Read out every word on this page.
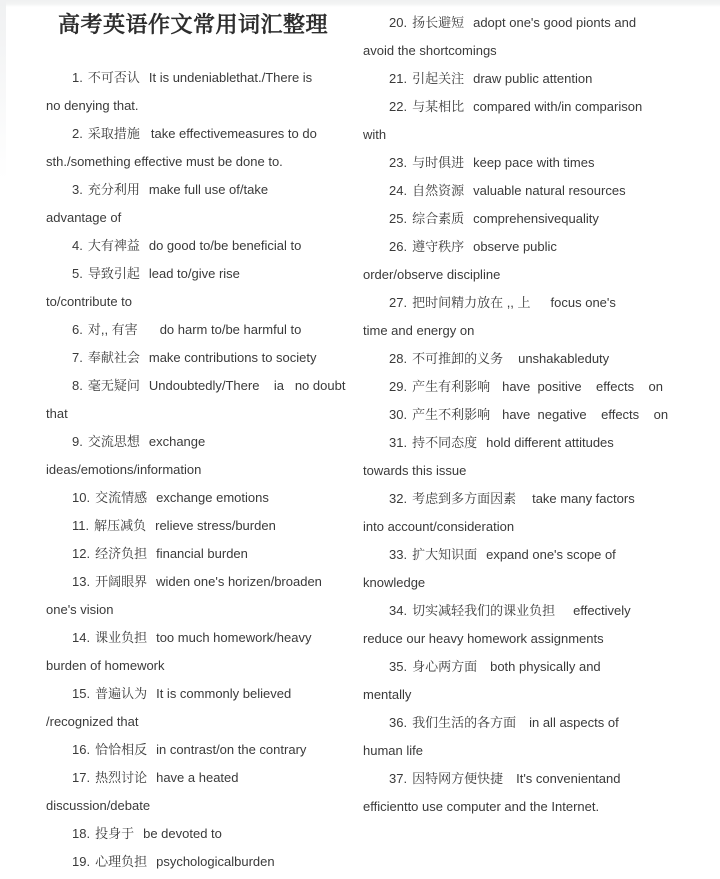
高考英语作文常用词汇整理
1. 不可否认 It is undeniablethat./There is
no denying that.
2. 采取措施 take effectivemeasures to do
sth./something effective must be done to.
3. 充分利用 make full use of/take
advantage of
4. 大有禆益 do good to/be beneficial to
5. 导致引起 lead to/give rise
to/contribute to
6. 对,, 有害 do harm to/be harmful to
7. 奉献社会 make contributions to society
8. 毫无疑问 Undoubtedly/There    ia   no doubt
that
9. 交流思想 exchange
ideas/emotions/information
10. 交流情感 exchange emotions
11. 解压减负 relieve stress/burden
12. 经济负担 financial burden
13. 开阔眼界 widen one's horizen/broaden
one's vision
14. 课业负担 too much homework/heavy
burden of homework
15. 普遍认为 It is commonly believed
/recognized that
16. 恰恰相反 in contrast/on the contrary
17. 热烈讨论 have a heated
discussion/debate
18. 投身于 be devoted to
19. 心理负担 psychologicalburden
20. 扬长避短 adopt one's good pionts and
avoid the shortcomings
21. 引起关注 draw public attention
22. 与某相比 compared with/in comparison
with
23. 与时俱进 keep pace with times
24. 自然资源 valuable natural resources
25. 综合素质 comprehensivequality
26. 遵守秩序 observe public
order/observe discipline
27. 把时间精力放在 ,, 上 focus one's
time and energy on
28. 不可推卸的义务 unshakableduty
29. 产生有利影响 have  positive    effects    on
30. 产生不利影响 have  negative    effects    on
31. 持不同态度 hold different attitudes
towards this issue
32. 考虑到多方面因素 take many factors
into account/consideration
33. 扩大知识面 expand one's scope of
knowledge
34. 切实减轻我们的课业负担 effectively
reduce our heavy homework assignments
35. 身心两方面 both physically and
mentally
36. 我们生活的各方面 in all aspects of
human life
37. 因特网方便快捷 It's convenientand
efficientto use computer and the Internet.
